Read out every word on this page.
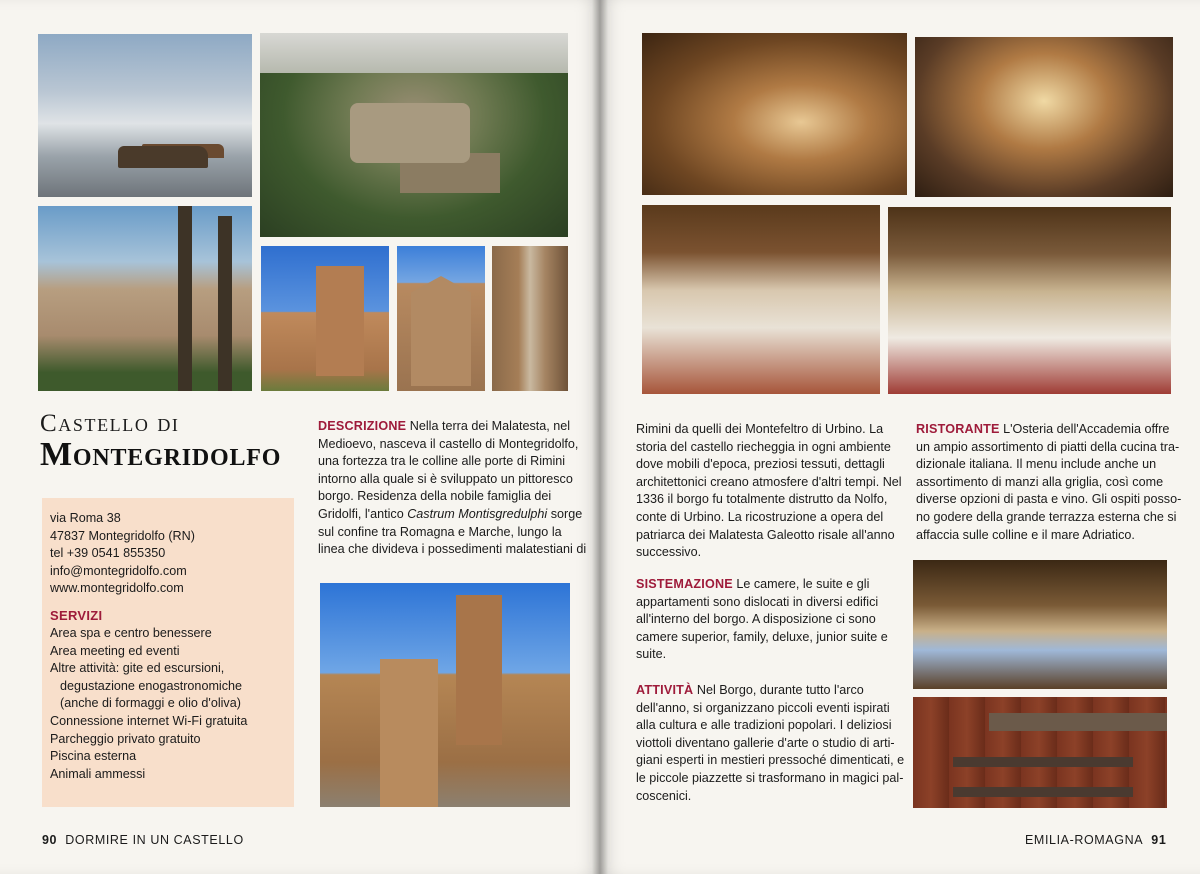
Castello di
Montegridolfo
via Roma 38
47837 Montegridolfo (RN)
tel +39 0541 855350
info@montegridolfo.com
www.montegridolfo.com
SERVIZI
Area spa e centro benessere
Area meeting ed eventi
Altre attività: gite ed escursioni,
degustazione enogastronomiche
(anche di formaggi e olio d'oliva)
Connessione internet Wi-Fi gratuita
Parcheggio privato gratuito
Piscina esterna
Animali ammessi
DESCRIZIONE Nella terra dei Malatesta, nel
Medioevo, nasceva il castello di Montegridolfo,
una fortezza tra le colline alle porte di Rimini
intorno alla quale si è sviluppato un pittoresco
borgo. Residenza della nobile famiglia dei
Gridolfi, l'antico Castrum Montisgredulphi sorge
sul confine tra Romagna e Marche, lungo la
linea che divideva i possedimenti malatestiani di
Rimini da quelli dei Montefeltro di Urbino. La
storia del castello riecheggia in ogni ambiente
dove mobili d'epoca, preziosi tessuti, dettagli
architettonici creano atmosfere d'altri tempi. Nel
1336 il borgo fu totalmente distrutto da Nolfo,
conte di Urbino. La ricostruzione a opera del
patriarca dei Malatesta Galeotto risale all'anno
successivo.
SISTEMAZIONE Le camere, le suite e gli
appartamenti sono dislocati in diversi edifici
all'interno del borgo. A disposizione ci sono
camere superior, family, deluxe, junior suite e
suite.
ATTIVITÀ Nel Borgo, durante tutto l'arco
dell'anno, si organizzano piccoli eventi ispirati
alla cultura e alle tradizioni popolari. I deliziosi
viottoli diventano gallerie d'arte o studio di arti-
giani esperti in mestieri pressoché dimenticati, e
le piccole piazzette si trasformano in magici pal-
coscenici.
RISTORANTE L'Osteria dell'Accademia offre
un ampio assortimento di piatti della cucina tra-
dizionale italiana. Il menu include anche un
assortimento di manzi alla griglia, così come
diverse opzioni di pasta e vino. Gli ospiti posso-
no godere della grande terrazza esterna che si
affaccia sulle colline e il mare Adriatico.
90 DORMIRE IN UN CASTELLO	EMILIA-ROMAGNA 91
